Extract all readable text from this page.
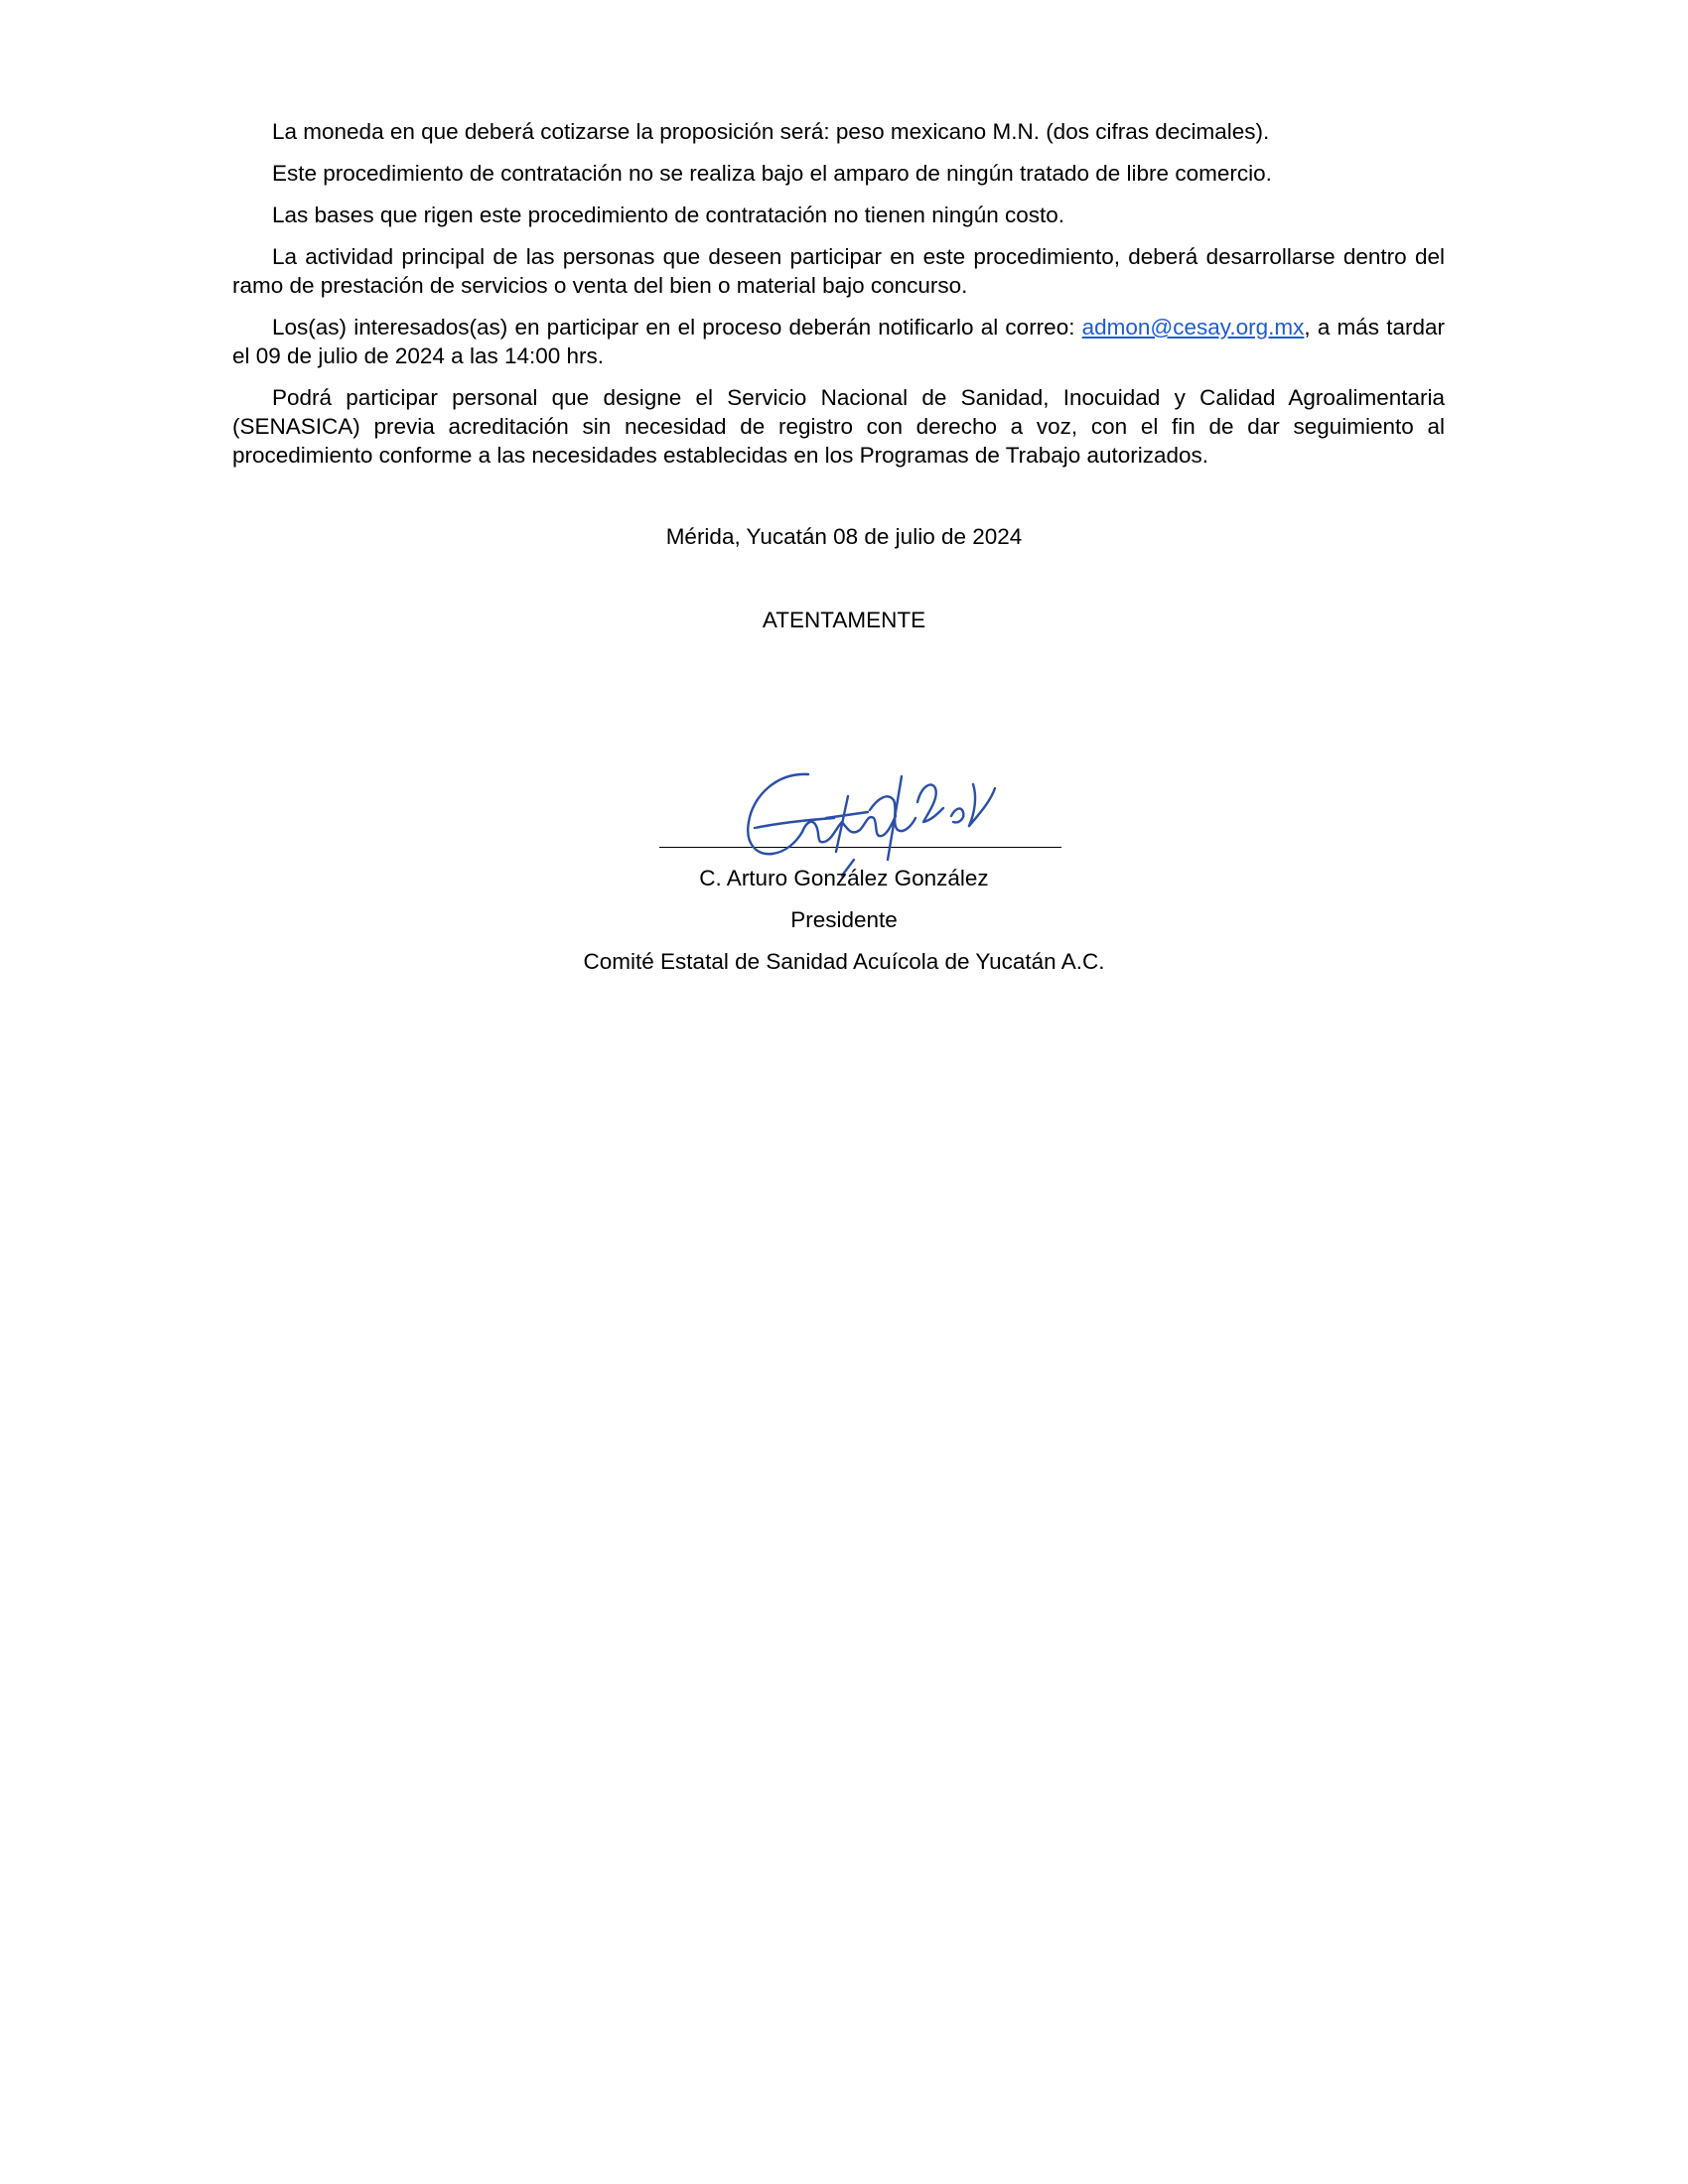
La moneda en que deberá cotizarse la proposición será: peso mexicano M.N. (dos cifras decimales).

Este procedimiento de contratación no se realiza bajo el amparo de ningún tratado de libre comercio.

Las bases que rigen este procedimiento de contratación no tienen ningún costo.

La actividad principal de las personas que deseen participar en este procedimiento, deberá desarrollarse dentro del ramo de prestación de servicios o venta del bien o material bajo concurso.

Los(as) interesados(as) en participar en el proceso deberán notificarlo al correo: admon@cesay.org.mx, a más tardar el 09 de julio de 2024 a las 14:00 hrs.

Podrá participar personal que designe el Servicio Nacional de Sanidad, Inocuidad y Calidad Agroalimentaria (SENASICA) previa acreditación sin necesidad de registro con derecho a voz, con el fin de dar seguimiento al procedimiento conforme a las necesidades establecidas en los Programas de Trabajo autorizados.

Mérida, Yucatán 08 de julio de 2024
ATENTAMENTE
C. Arturo González González
Presidente
Comité Estatal de Sanidad Acuícola de Yucatán A.C.
